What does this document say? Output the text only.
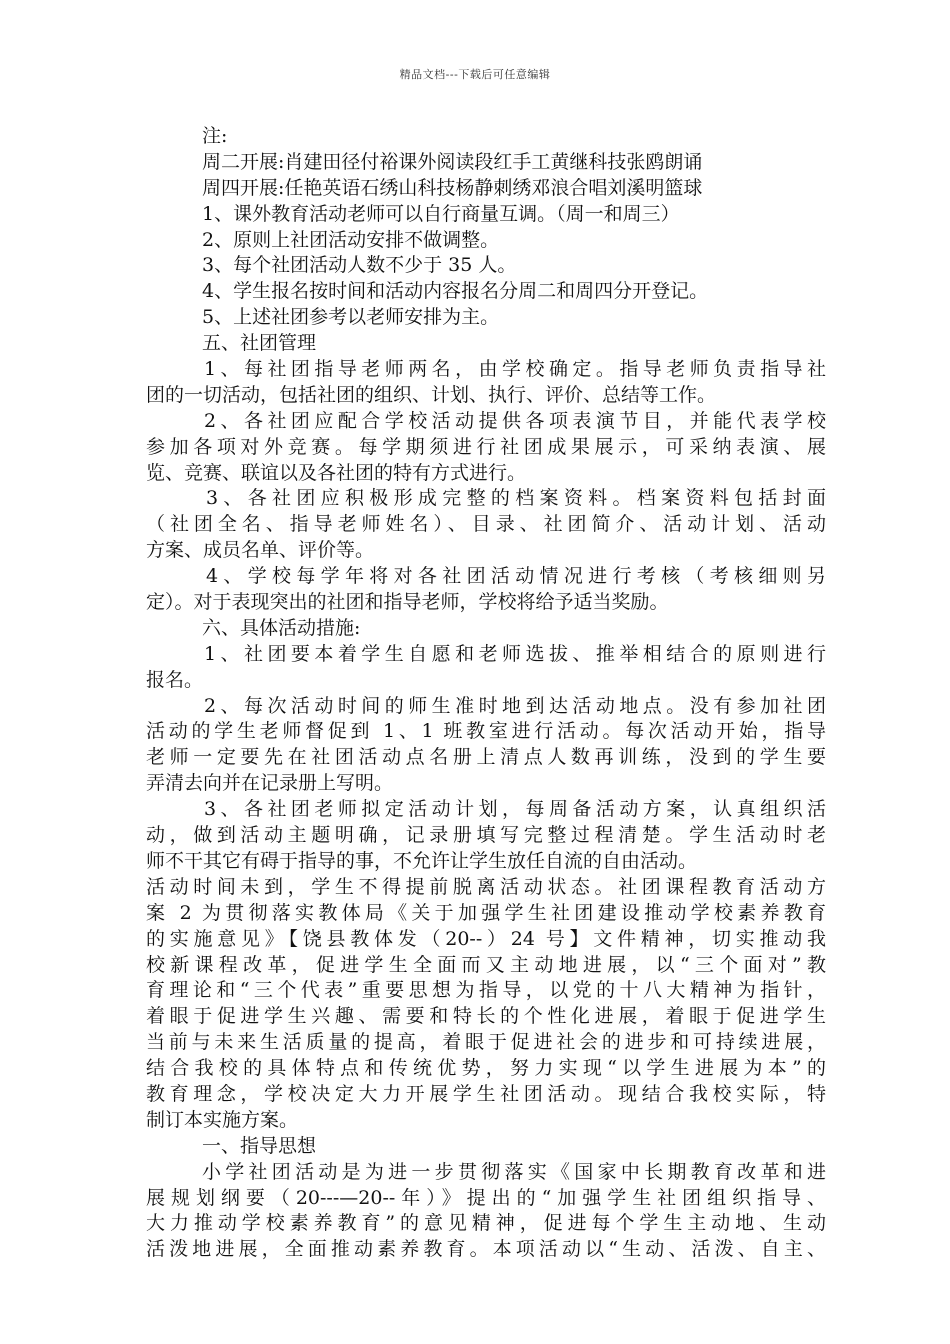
精品文档---下载后可任意编辑
注:
周二开展:肖建田径付裕课外阅读段红手工黄继科技张鸥朗诵
周四开展:任艳英语石绣山科技杨静刺绣邓浪合唱刘溪明篮球
1、课外教育活动老师可以自行商量互调。（周一和周三）
2、原则上社团活动安排不做调整。
3、每个社团活动人数不少于 35 人。
4、学生报名按时间和活动内容报名分周二和周四分开登记。
5、上述社团参考以老师安排为主。
五、社团管理
1、每社团指导老师两名，由学校确定。指导老师负责指导社
团的一切活动，包括社团的组织、计划、执行、评价、总结等工作。
2、各社团应配合学校活动提供各项表演节目，并能代表学校
参加各项对外竞赛。每学期须进行社团成果展示，可采纳表演、展
览、竞赛、联谊以及各社团的特有方式进行。
3、各社团应积极形成完整的档案资料。档案资料包括封面
（社团全名、指导老师姓名）、目录、社团简介、活动计划、活动
方案、成员名单、评价等。
4、学校每学年将对各社团活动情况进行考核（考核细则另
定）。对于表现突出的社团和指导老师，学校将给予适当奖励。
六、具体活动措施:
1、社团要本着学生自愿和老师选拔、推举相结合的原则进行
报名。
2、每次活动时间的师生准时地到达活动地点。没有参加社团
活动的学生老师督促到 1、1 班教室进行活动。每次活动开始，指导
老师一定要先在社团活动点名册上清点人数再训练，没到的学生要
弄清去向并在记录册上写明。
3、各社团老师拟定活动计划，每周备活动方案，认真组织活
动，做到活动主题明确，记录册填写完整过程清楚。学生活动时老
师不干其它有碍于指导的事，不允许让学生放任自流的自由活动。
活动时间未到，学生不得提前脱离活动状态。社团课程教育活动方
案 2 为贯彻落实教体局《关于加强学生社团建设推动学校素养教育
的实施意见》【饶县教体发（20--）24 号】文件精神，切实推动我
校新课程改革，促进学生全面而又主动地进展，以“三个面对”教
育理论和“三个代表”重要思想为指导，以党的十八大精神为指针，
着眼于促进学生兴趣、需要和特长的个性化进展，着眼于促进学生
当前与未来生活质量的提高，着眼于促进社会的进步和可持续进展，
结合我校的具体特点和传统优势，努力实现“以学生进展为本”的
教育理念，学校决定大力开展学生社团活动。现结合我校实际，特
制订本实施方案。
一、指导思想
小学社团活动是为进一步贯彻落实《国家中长期教育改革和进
展规划纲要（20---—20--年）》提出的“加强学生社团组织指导、
大力推动学校素养教育”的意见精神，促进每个学生主动地、生动
活泼地进展，全面推动素养教育。本项活动以“生动、活泼、自主、
